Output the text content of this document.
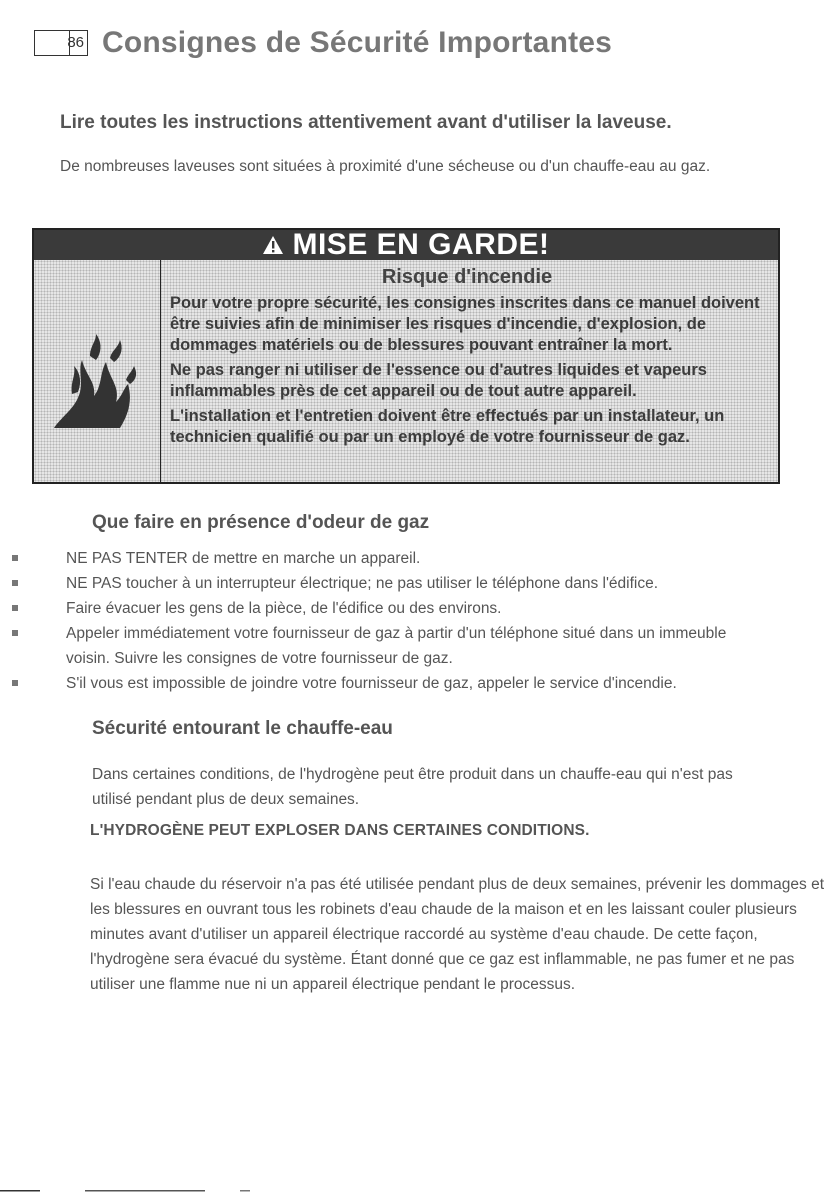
86 Consignes de Sécurité Importantes
Lire toutes les instructions attentivement avant d'utiliser la laveuse.
De nombreuses laveuses sont situées à proximité d'une sécheuse ou d'un chauffe-eau au gaz.
MISE EN GARDE!
Risque d'incendie
Pour votre propre sécurité, les consignes inscrites dans ce manuel doivent être suivies afin de minimiser les risques d'incendie, d'explosion, de dommages matériels ou de blessures pouvant entraîner la mort.
Ne pas ranger ni utiliser de l'essence ou d'autres liquides et vapeurs inflammables près de cet appareil ou de tout autre appareil.
L'installation et l'entretien doivent être effectués par un installateur, un technicien qualifié ou par un employé de votre fournisseur de gaz.
Que faire en présence d'odeur de gaz
NE PAS TENTER de mettre en marche un appareil.
NE PAS toucher à un interrupteur électrique; ne pas utiliser le téléphone dans l'édifice.
Faire évacuer les gens de la pièce, de l'édifice ou des environs.
Appeler immédiatement votre fournisseur de gaz à partir d'un téléphone situé dans un immeuble voisin. Suivre les consignes de votre fournisseur de gaz.
S'il vous est impossible de joindre votre fournisseur de gaz, appeler le service d'incendie.
Sécurité entourant le chauffe-eau
Dans certaines conditions, de l'hydrogène peut être produit dans un chauffe-eau qui n'est pas utilisé pendant plus de deux semaines.
L'HYDROGÈNE PEUT EXPLOSER DANS CERTAINES CONDITIONS.
Si l'eau chaude du réservoir n'a pas été utilisée pendant plus de deux semaines, prévenir les dommages et les blessures en ouvrant tous les robinets d'eau chaude de la maison et en les laissant couler plusieurs minutes avant d'utiliser un appareil électrique raccordé au système d'eau chaude. De cette façon, l'hydrogène sera évacué du système. Étant donné que ce gaz est inflammable, ne pas fumer et ne pas utiliser une flamme nue ni un appareil électrique pendant le processus.
